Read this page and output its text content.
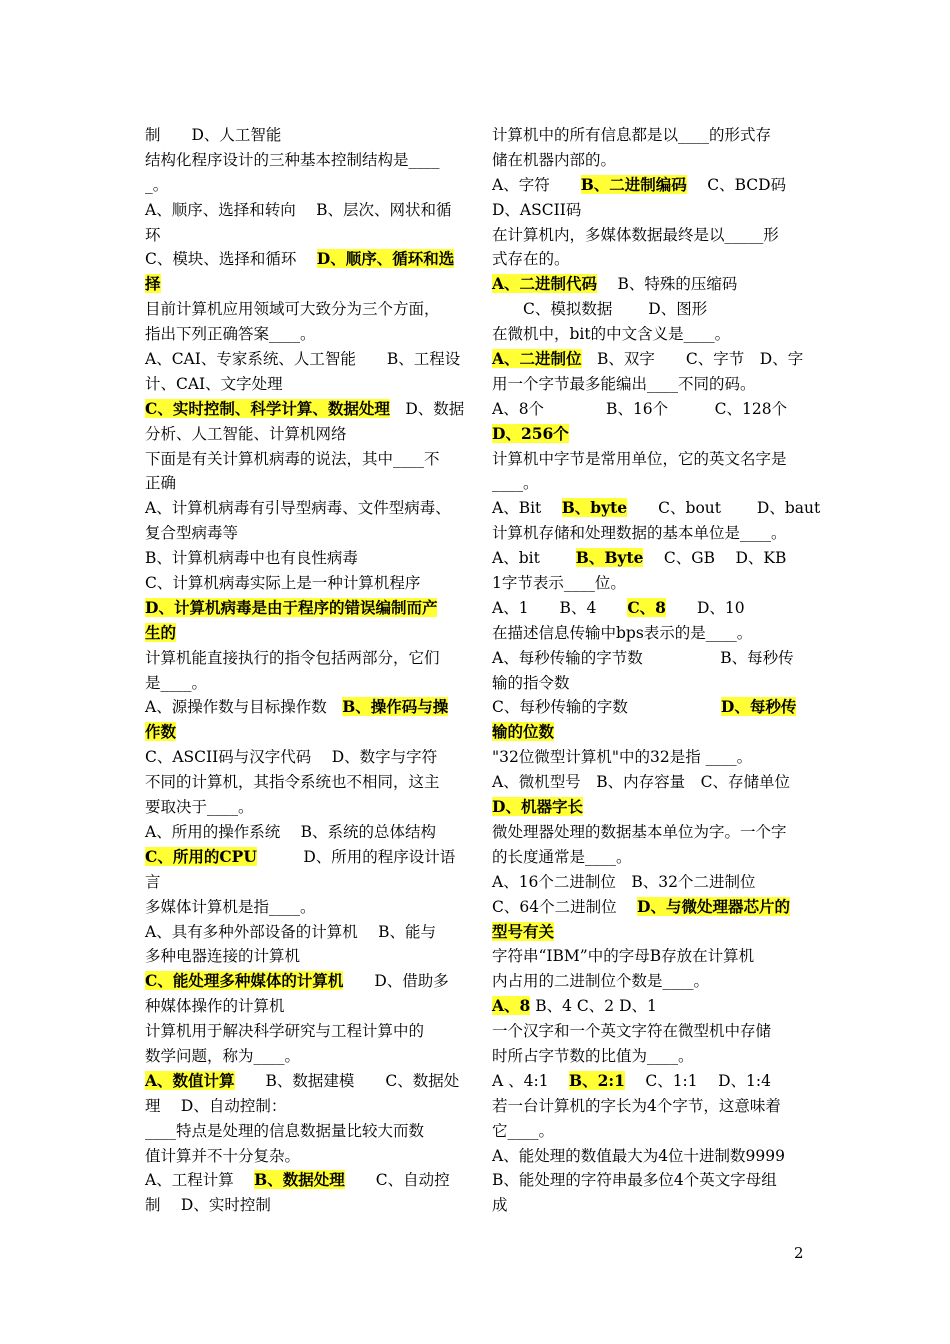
制　　D、人工智能
结构化程序设计的三种基本控制结构是____
_。
A、顺序、选择和转向　 B、层次、网状和循
环
C、模块、选择和循环　 D、顺序、循环和选
择
目前计算机应用领域可大致分为三个方面，
指出下列正确答案____。
A、CAI、专家系统、人工智能　　B、工程设
计、CAI、文字处理
C、实时控制、科学计算、数据处理　D、数据
分析、人工智能、计算机网络
下面是有关计算机病毒的说法，其中____不
正确
A、计算机病毒有引导型病毒、文件型病毒、
复合型病毒等
B、计算机病毒中也有良性病毒
C、计算机病毒实际上是一种计算机程序
D、计算机病毒是由于程序的错误编制而产
生的
计算机能直接执行的指令包括两部分，它们
是____。
A、源操作数与目标操作数　B、操作码与操
作数
C、ASCII码与汉字代码　 D、数字与字符
不同的计算机，其指令系统也不相同，这主
要取决于____。
A、所用的操作系统　 B、系统的总体结构
C、所用的CPU　　　D、所用的程序设计语
言
多媒体计算机是指____。
A、具有多种外部设备的计算机　 B、能与
多种电器连接的计算机
C、能处理多种媒体的计算机　　D、借助多
种媒体操作的计算机
计算机用于解决科学研究与工程计算中的
数学问题，称为____。
A、数值计算　　B、数据建模　　C、数据处
理　 D、自动控制：
____特点是处理的信息数据量比较大而数
值计算并不十分复杂。
A、工程计算　 B、数据处理　　C、自动控
制　 D、实时控制
计算机中的所有信息都是以____的形式存
储在机器内部的。
A、字符　　B、二进制编码　 C、BCD码
D、ASCII码
在计算机内，多媒体数据最终是以_____形
式存在的。
A、二进制代码　 B、特殊的压缩码
　　C、模拟数据　　 D、图形
在微机中，bit的中文含义是____。
A、二进制位　B、双字　　C、字节　D、字
用一个字节最多能编出____不同的码。
A、8个　　　　B、16个　　　C、128个
D、256个
计算机中字节是常用单位，它的英文名字是
____。
A、Bit　 B、byte　　C、bout　　 D、baut
计算机存储和处理数据的基本单位是____。
A、bit　　 B、Byte　 C、GB　 D、KB
1字节表示____位。
A、1　　B、4　　C、8　　D、10
在描述信息传输中bps表示的是____。
A、每秒传输的字节数　　　　　B、每秒传
输的指令数
C、每秒传输的字数　　　　　　D、每秒传
输的位数
"32位微型计算机"中的32是指 ____。
A、微机型号　B、内存容量　C、存储单位
D、机器字长
微处理器处理的数据基本单位为字。一个字
的长度通常是____。
A、16个二进制位　B、32个二进制位
C、64个二进制位　 D、与微处理器芯片的
型号有关
字符串“IBM”中的字母B存放在计算机
内占用的二进制位个数是____。
A、8 B、4 C、2 D、1
一个汉字和一个英文字符在微型机中存储
时所占字节数的比值为____。
A 、4:1　 B、2:1　 C、1:1　 D、1:4
若一台计算机的字长为4个字节，这意味着
它____。
A、能处理的数值最大为4位十进制数9999
B、能处理的字符串最多位4个英文字母组
成
2
